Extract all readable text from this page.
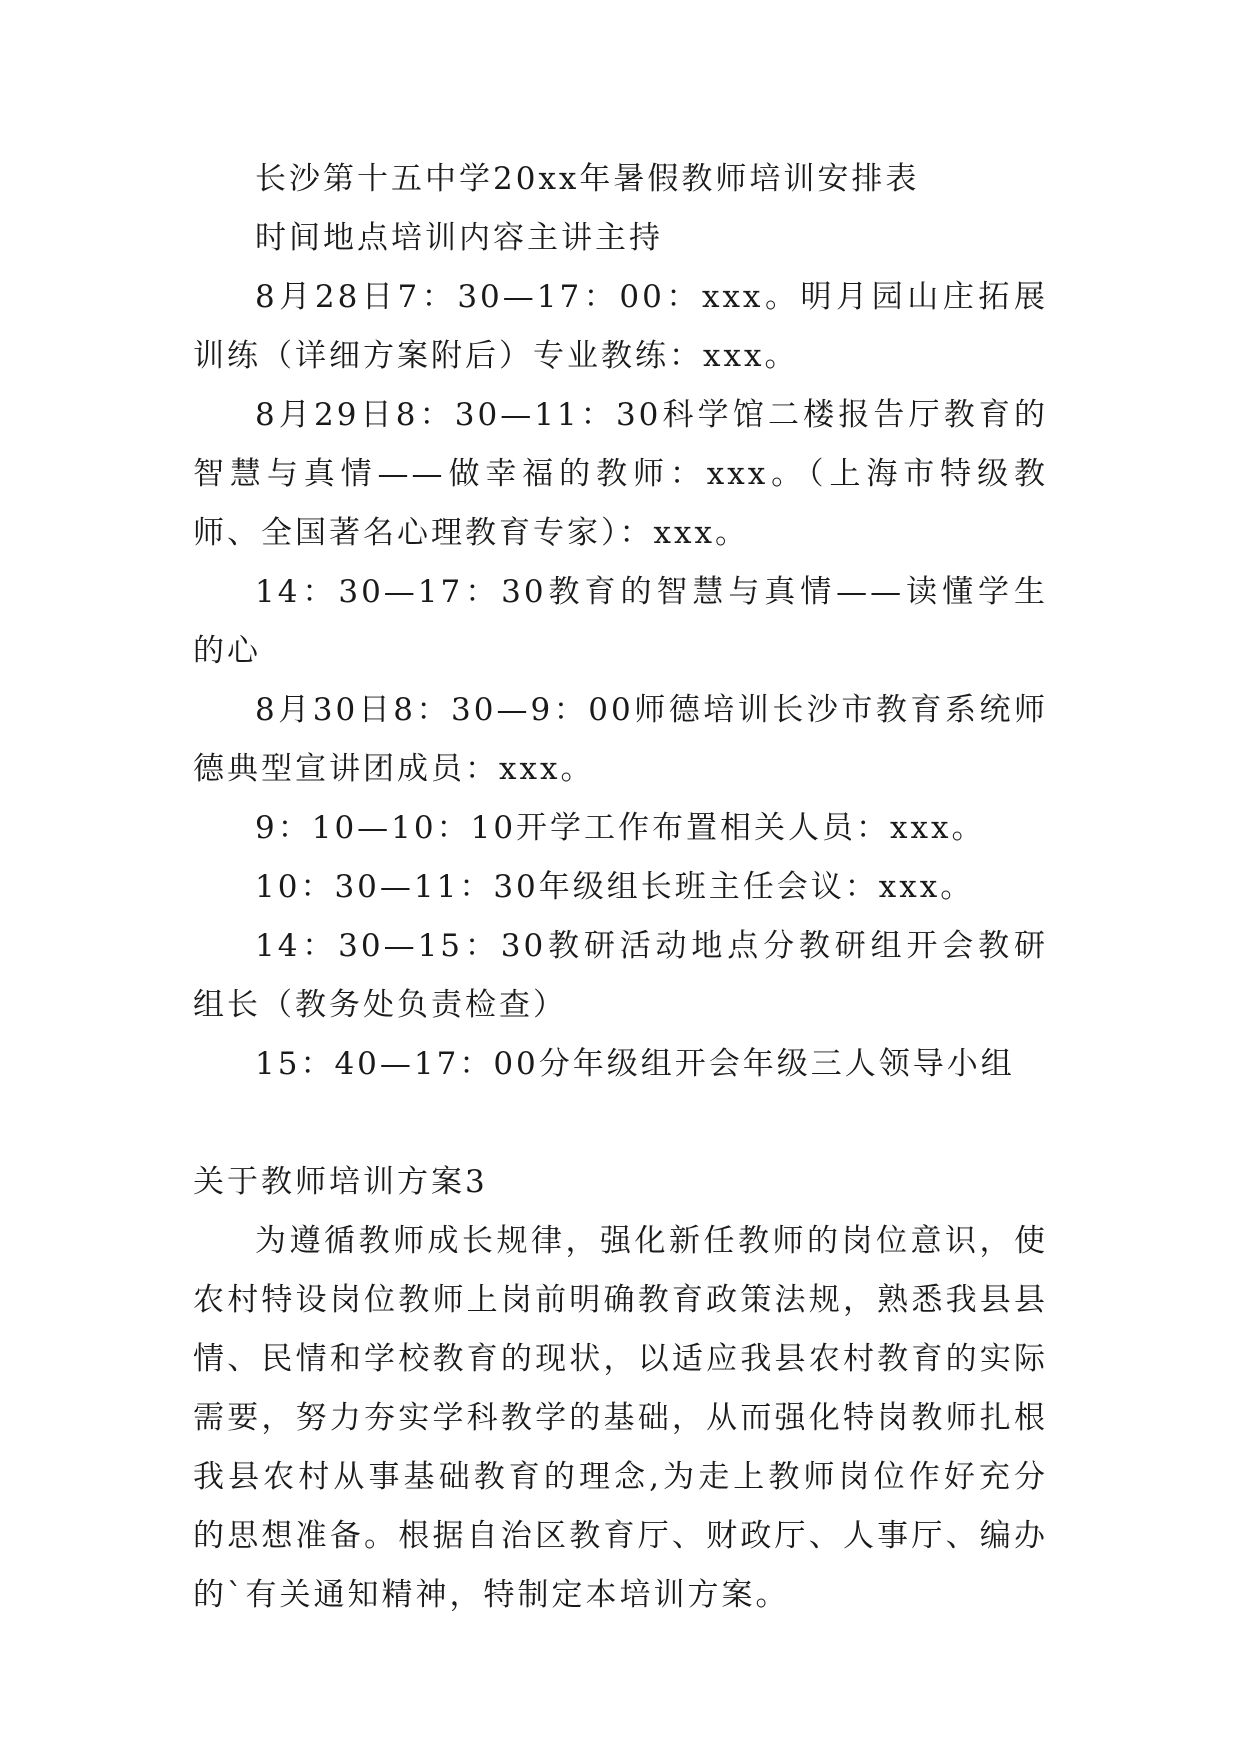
长沙第十五中学20xx年暑假教师培训安排表

时间地点培训内容主讲主持

8月28日7：30—17：00：xxx。明月园山庄拓展训练（详细方案附后）专业教练：xxx。

8月29日8：30—11：30科学馆二楼报告厅教育的智慧与真情——做幸福的教师：xxx。（上海市特级教师、全国著名心理教育专家）：xxx。

14：30—17：30教育的智慧与真情——读懂学生的心

8月30日8：30—9：00师德培训长沙市教育系统师德典型宣讲团成员：xxx。

9：10—10：10开学工作布置相关人员：xxx。

10：30—11：30年级组长班主任会议：xxx。

14：30—15：30教研活动地点分教研组开会教研组长（教务处负责检查）

15：40—17：00分年级组开会年级三人领导小组

关于教师培训方案3

为遵循教师成长规律，强化新任教师的岗位意识，使农村特设岗位教师上岗前明确教育政策法规，熟悉我县县情、民情和学校教育的现状，以适应我县农村教育的实际需要，努力夯实学科教学的基础，从而强化特岗教师扎根我县农村从事基础教育的理念,为走上教师岗位作好充分的思想准备。根据自治区教育厅、财政厅、人事厅、编办的`有关通知精神，特制定本培训方案。
